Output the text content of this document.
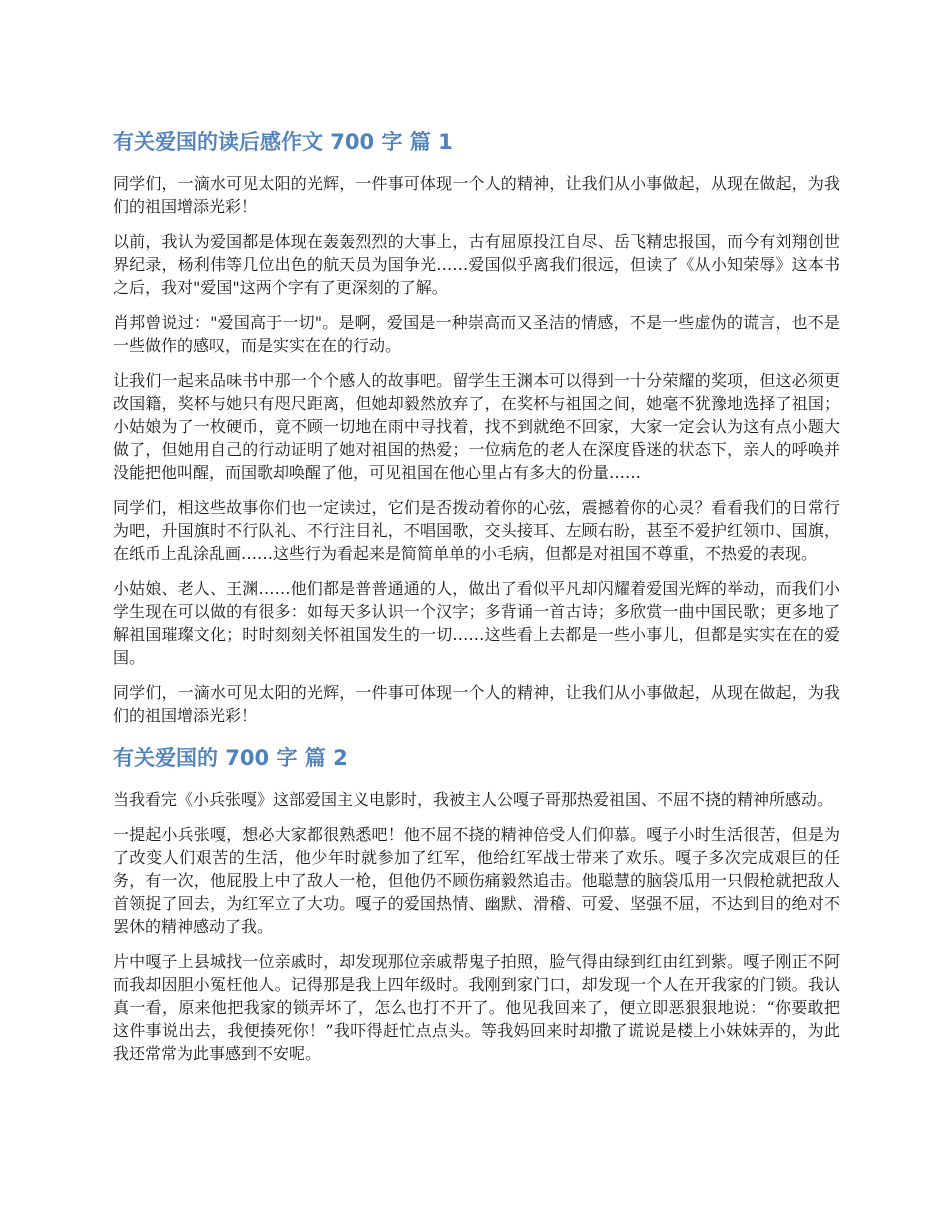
有关爱国的读后感作文 700 字 篇 1

同学们，一滴水可见太阳的光辉，一件事可体现一个人的精神，让我们从小事做起，从现在做起，为我们的祖国增添光彩！

以前，我认为爱国都是体现在轰轰烈烈的大事上，古有屈原投江自尽、岳飞精忠报国，而今有刘翔创世界纪录，杨利伟等几位出色的航天员为国争光……爱国似乎离我们很远，但读了《从小知荣辱》这本书之后，我对"爱国"这两个字有了更深刻的了解。

肖邦曾说过："爱国高于一切"。是啊，爱国是一种崇高而又圣洁的情感，不是一些虚伪的谎言，也不是一些做作的感叹，而是实实在在的行动。

让我们一起来品味书中那一个个感人的故事吧。留学生王渊本可以得到一十分荣耀的奖项，但这必须更改国籍，奖杯与她只有咫尺距离，但她却毅然放弃了，在奖杯与祖国之间，她毫不犹豫地选择了祖国；小姑娘为了一枚硬币，竟不顾一切地在雨中寻找着，找不到就绝不回家，大家一定会认为这有点小题大做了，但她用自己的行动证明了她对祖国的热爱；一位病危的老人在深度昏迷的状态下，亲人的呼唤并没能把他叫醒，而国歌却唤醒了他，可见祖国在他心里占有多大的份量……

同学们，相这些故事你们也一定读过，它们是否拨动着你的心弦，震撼着你的心灵？看看我们的日常行为吧，升国旗时不行队礼、不行注目礼，不唱国歌，交头接耳、左顾右盼，甚至不爱护红领巾、国旗，在纸币上乱涂乱画……这些行为看起来是简简单单的小毛病，但都是对祖国不尊重，不热爱的表现。

小姑娘、老人、王渊……他们都是普普通通的人，做出了看似平凡却闪耀着爱国光辉的举动，而我们小学生现在可以做的有很多：如每天多认识一个汉字；多背诵一首古诗；多欣赏一曲中国民歌；更多地了解祖国璀璨文化；时时刻刻关怀祖国发生的一切……这些看上去都是一些小事儿，但都是实实在在的爱国。

同学们，一滴水可见太阳的光辉，一件事可体现一个人的精神，让我们从小事做起，从现在做起，为我们的祖国增添光彩！

有关爱国的 700 字 篇 2

当我看完《小兵张嘎》这部爱国主义电影时，我被主人公嘎子哥那热爱祖国、不屈不挠的精神所感动。

一提起小兵张嘎，想必大家都很熟悉吧！他不屈不挠的精神倍受人们仰慕。嘎子小时生活很苦，但是为了改变人们艰苦的生活，他少年时就参加了红军，他给红军战士带来了欢乐。嘎子多次完成艰巨的任务，有一次，他屁股上中了敌人一枪，但他仍不顾伤痛毅然追击。他聪慧的脑袋瓜用一只假枪就把敌人首领捉了回去，为红军立了大功。嘎子的爱国热情、幽默、滑稽、可爱、坚强不屈，不达到目的绝对不罢休的精神感动了我。

片中嘎子上县城找一位亲戚时，却发现那位亲戚帮鬼子拍照，脸气得由绿到红由红到紫。嘎子刚正不阿而我却因胆小冤枉他人。记得那是我上四年级时。我刚到家门口，却发现一个人在开我家的门锁。我认真一看，原来他把我家的锁弄坏了，怎么也打不开了。他见我回来了，便立即恶狠狠地说：“你要敢把这件事说出去，我便揍死你！”我吓得赶忙点点头。等我妈回来时却撒了谎说是楼上小妹妹弄的，为此我还常常为此事感到不安呢。
